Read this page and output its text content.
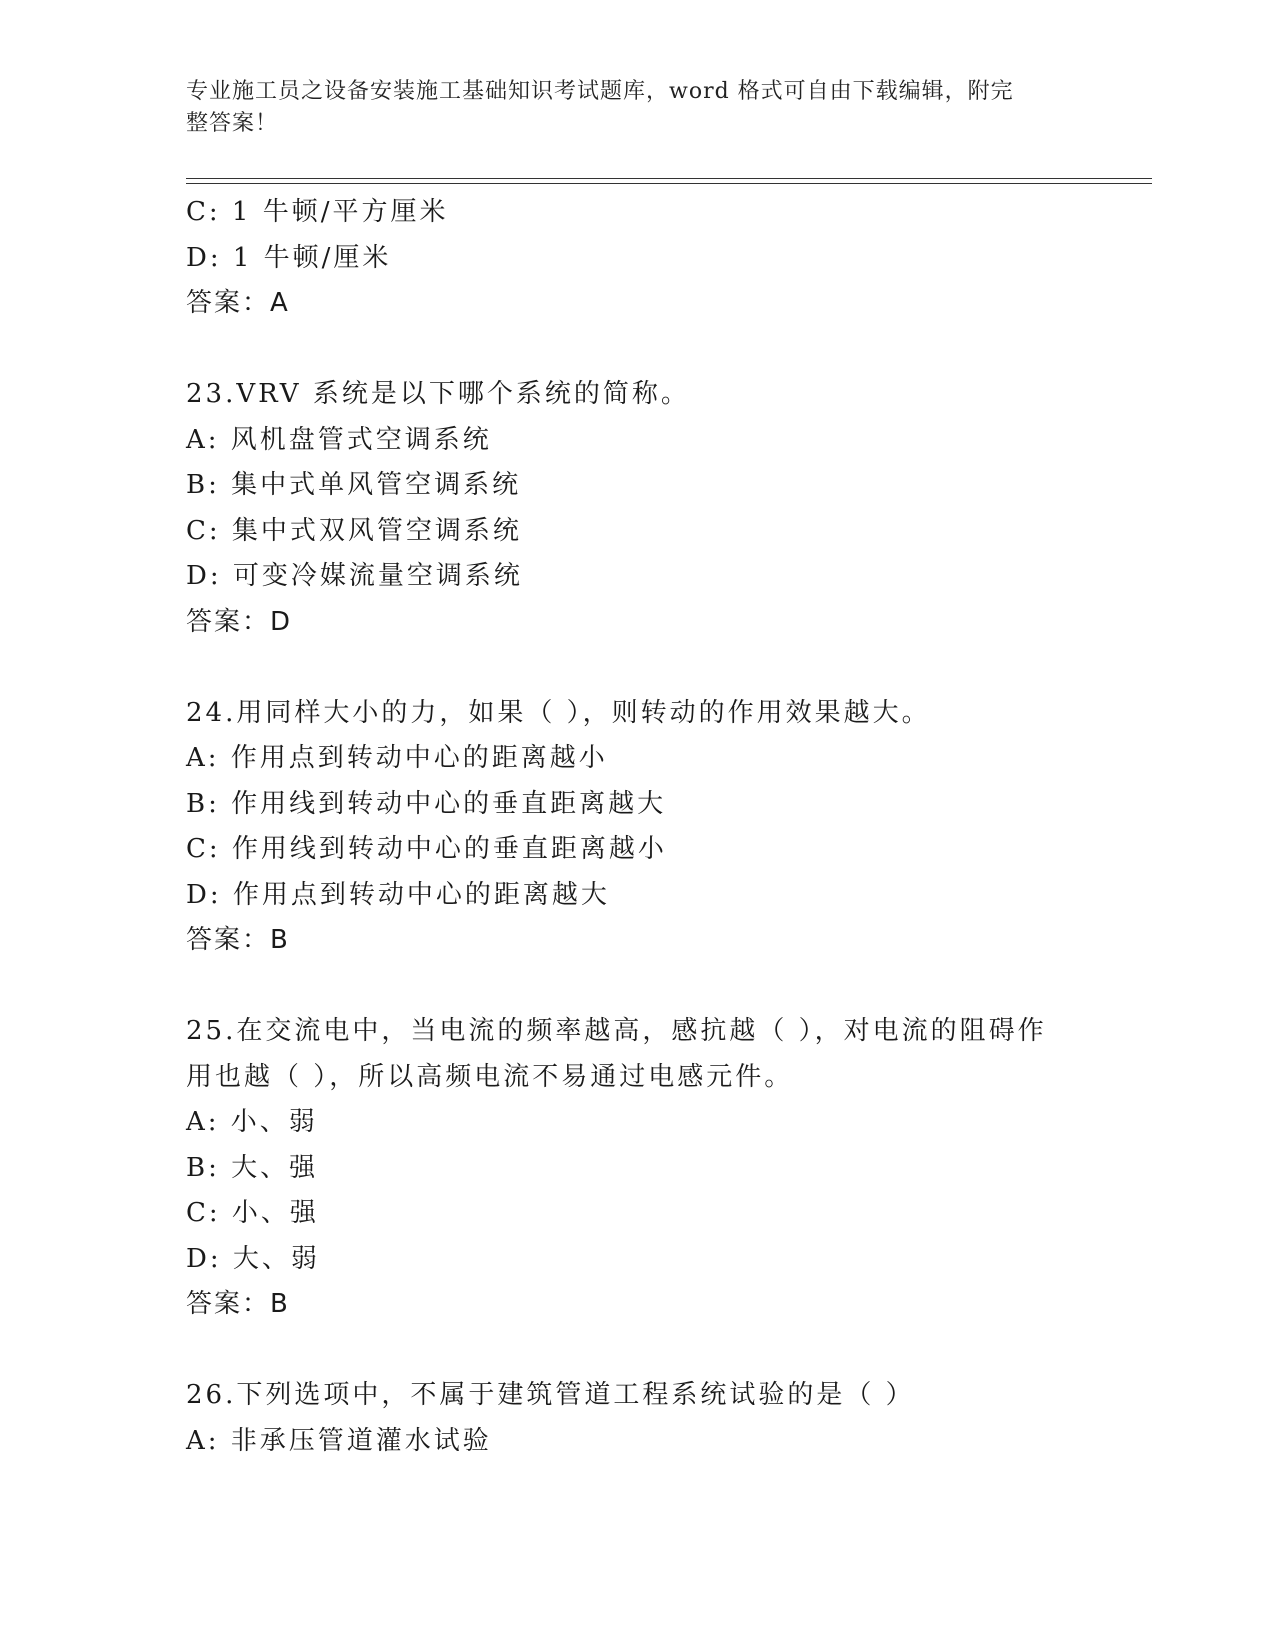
专业施工员之设备安装施工基础知识考试题库，word 格式可自由下载编辑，附完
整答案！
C: 1 牛顿/平方厘米
D: 1 牛顿/厘米
答案：A
23.VRV 系统是以下哪个系统的简称。
A: 风机盘管式空调系统
B: 集中式单风管空调系统
C: 集中式双风管空调系统
D: 可变冷媒流量空调系统
答案：D
24.用同样大小的力，如果（ ），则转动的作用效果越大。
A: 作用点到转动中心的距离越小
B: 作用线到转动中心的垂直距离越大
C: 作用线到转动中心的垂直距离越小
D: 作用点到转动中心的距离越大
答案：B
25.在交流电中，当电流的频率越高，感抗越（ ），对电流的阻碍作
用也越（ ），所以高频电流不易通过电感元件。
A: 小、弱
B: 大、强
C: 小、强
D: 大、弱
答案：B
26.下列选项中，不属于建筑管道工程系统试验的是（ ）
A: 非承压管道灌水试验
